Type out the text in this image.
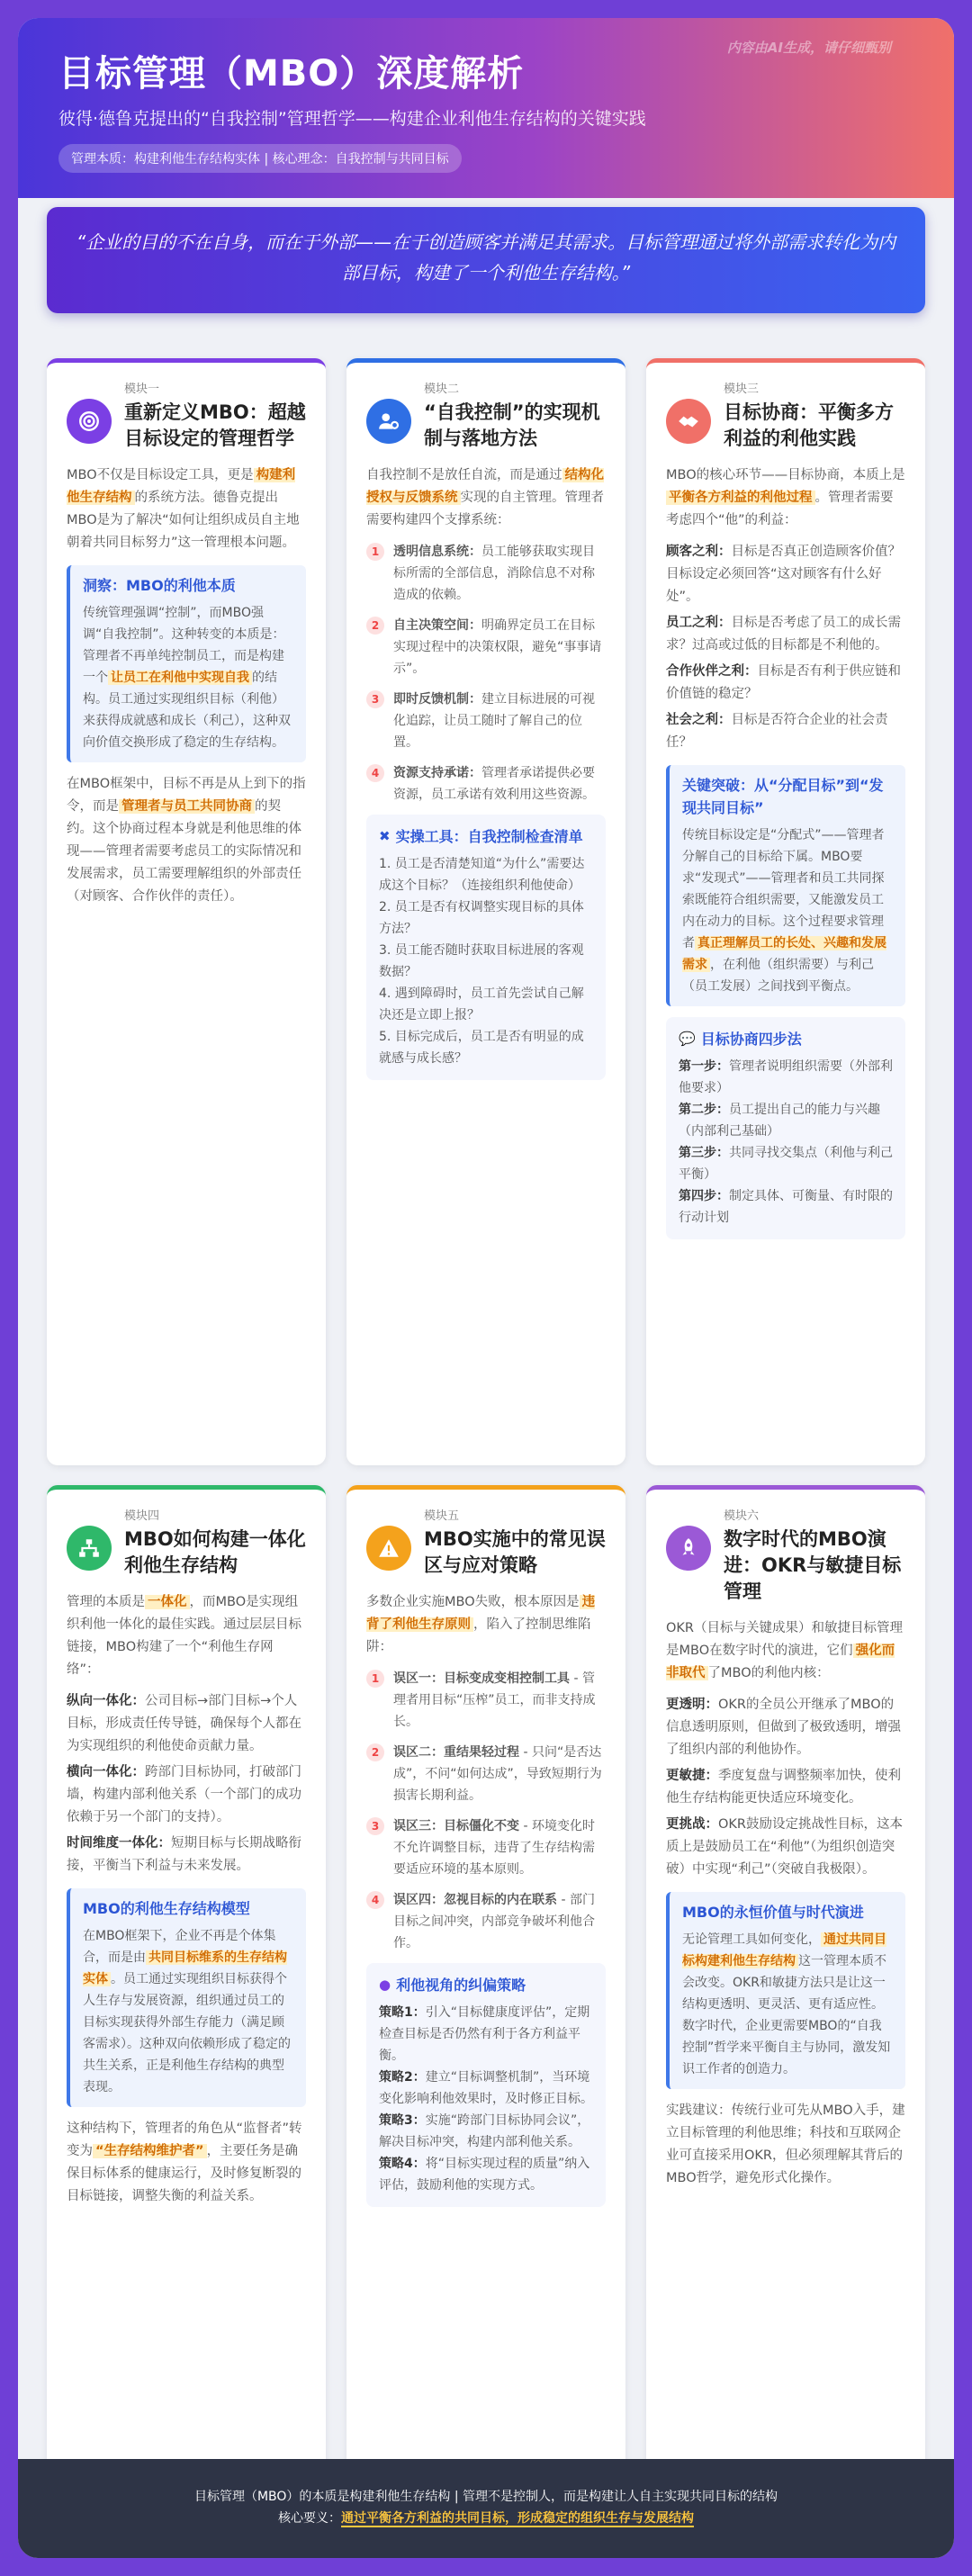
目标管理（MBO）深度解析
彼得·德鲁克提出的“自我控制”管理哲学——构建企业利他生存结构的关键实践
管理本质：构建利他生存结构实体 | 核心理念：自我控制与共同目标
内容由AI生成，请仔细甄别
“企业的目的不在自身，而在于外部——在于创造顾客并满足其需求。目标管理通过将外部需求转化为内部目标，构建了一个利他生存结构。”
模块一
重新定义MBO：超越目标设定的管理哲学
MBO不仅是目标设定工具，更是 构建利他生存结构 的系统方法。德鲁克提出MBO是为了解决“如何让组织成员自主地朝着共同目标努力”这一管理根本问题。
洞察：MBO的利他本质
传统管理强调“控制”，而MBO强调“自我控制”。这种转变的本质是：管理者不再单纯控制员工，而是构建一个 让员工在利他中实现自我 的结构。员工通过实现组织目标（利他）来获得成就感和成长（利己），这种双向价值交换形成了稳定的生存结构。
在MBO框架中，目标不再是从上到下的指令，而是 管理者与员工共同协商 的契约。这个协商过程本身就是利他思维的体现——管理者需要考虑员工的实际情况和发展需求，员工需要理解组织的外部责任（对顾客、合作伙伴的责任）。
模块二
“自我控制”的实现机制与落地方法
自我控制不是放任自流，而是通过 结构化授权与反馈系统 实现的自主管理。管理者需要构建四个支撑系统：
1	透明信息系统：员工能够获取实现目标所需的全部信息，消除信息不对称造成的依赖。
2	自主决策空间：明确界定员工在目标实现过程中的决策权限，避免“事事请示”。
3	即时反馈机制：建立目标进展的可视化追踪，让员工随时了解自己的位置。
4	资源支持承诺：管理者承诺提供必要资源，员工承诺有效利用这些资源。
✖ 实操工具：自我控制检查清单
1. 员工是否清楚知道“为什么”需要达成这个目标？（连接组织利他使命）
2. 员工是否有权调整实现目标的具体方法？
3. 员工能否随时获取目标进展的客观数据？
4. 遇到障碍时，员工首先尝试自己解决还是立即上报？
5. 目标完成后，员工是否有明显的成就感与成长感？
模块三
目标协商：平衡多方利益的利他实践
MBO的核心环节——目标协商，本质上是平衡各方利益的利他过程 。管理者需要考虑四个“他”的利益：
顾客之利：目标是否真正创造顾客价值？目标设定必须回答“这对顾客有什么好处”。
员工之利：目标是否考虑了员工的成长需求？过高或过低的目标都是不利他的。
合作伙伴之利：目标是否有利于供应链和价值链的稳定？
社会之利：目标是否符合企业的社会责任？
关键突破：从“分配目标”到“发现共同目标”
传统目标设定是“分配式”——管理者分解自己的目标给下属。MBO要求“发现式”——管理者和员工共同探索既能符合组织需要，又能激发员工内在动力的目标。这个过程要求管理者 真正理解员工的长处、兴趣和发展需求 ，在利他（组织需要）与利己（员工发展）之间找到平衡点。
💬 目标协商四步法
第一步：管理者说明组织需要（外部利他要求）
第二步：员工提出自己的能力与兴趣（内部利己基础）
第三步：共同寻找交集点（利他与利己平衡）
第四步：制定具体、可衡量、有时限的行动计划
模块四
MBO如何构建一体化利他生存结构
管理的本质是 一体化 ，而MBO是实现组织利他一体化的最佳实践。通过层层目标链接，MBO构建了一个“利他生存网络”：
纵向一体化：公司目标→部门目标→个人目标，形成责任传导链，确保每个人都在为实现组织的利他使命贡献力量。
横向一体化：跨部门目标协同，打破部门墙，构建内部利他关系（一个部门的成功依赖于另一个部门的支持）。
时间维度一体化：短期目标与长期战略衔接，平衡当下利益与未来发展。
MBO的利他生存结构模型
在MBO框架下，企业不再是个体集合，而是由 共同目标维系的生存结构实体 。员工通过实现组织目标获得个人生存与发展资源，组织通过员工的目标实现获得外部生存能力（满足顾客需求）。这种双向依赖形成了稳定的共生关系，正是利他生存结构的典型表现。
这种结构下，管理者的角色从“监督者”转变为 “生存结构维护者” ，主要任务是确保目标体系的健康运行，及时修复断裂的目标链接，调整失衡的利益关系。
模块五
MBO实施中的常见误区与应对策略
多数企业实施MBO失败，根本原因是 违背了利他生存原则 ，陷入了控制思维陷阱：
1	误区一：目标变成变相控制工具 - 管理者用目标“压榨”员工，而非支持成长。
2	误区二：重结果轻过程 - 只问“是否达成”，不问“如何达成”，导致短期行为损害长期利益。
3	误区三：目标僵化不变 - 环境变化时不允许调整目标，违背了生存结构需要适应环境的基本原则。
4	误区四：忽视目标的内在联系 - 部门目标之间冲突，内部竞争破坏利他合作。
● 利他视角的纠偏策略
策略1：引入“目标健康度评估”，定期检查目标是否仍然有利于各方利益平衡。
策略2：建立“目标调整机制”，当环境变化影响利他效果时，及时修正目标。
策略3：实施“跨部门目标协同会议”，解决目标冲突，构建内部利他关系。
策略4：将“目标实现过程的质量”纳入评估，鼓励利他的实现方式。
模块六
数字时代的MBO演进：OKR与敏捷目标管理
OKR（目标与关键成果）和敏捷目标管理是MBO在数字时代的演进，它们 强化而非取代 了MBO的利他内核：
更透明：OKR的全员公开继承了MBO的信息透明原则，但做到了极致透明，增强了组织内部的利他协作。
更敏捷：季度复盘与调整频率加快，使利他生存结构能更快适应环境变化。
更挑战：OKR鼓励设定挑战性目标，这本质上是鼓励员工在“利他”（为组织创造突破）中实现“利己”（突破自我极限）。
MBO的永恒价值与时代演进
无论管理工具如何变化， 通过共同目标构建利他生存结构 这一管理本质不会改变。OKR和敏捷方法只是让这一结构更透明、更灵活、更有适应性。数字时代，企业更需要MBO的“自我控制”哲学来平衡自主与协同，激发知识工作者的创造力。
实践建议：传统行业可先从MBO入手，建立目标管理的利他思维；科技和互联网企业可直接采用OKR，但必须理解其背后的MBO哲学，避免形式化操作。
目标管理（MBO）的本质是构建利他生存结构 | 管理不是控制人，而是构建让人自主实现共同目标的结构
核心要义：通过平衡各方利益的共同目标，形成稳定的组织生存与发展结构
